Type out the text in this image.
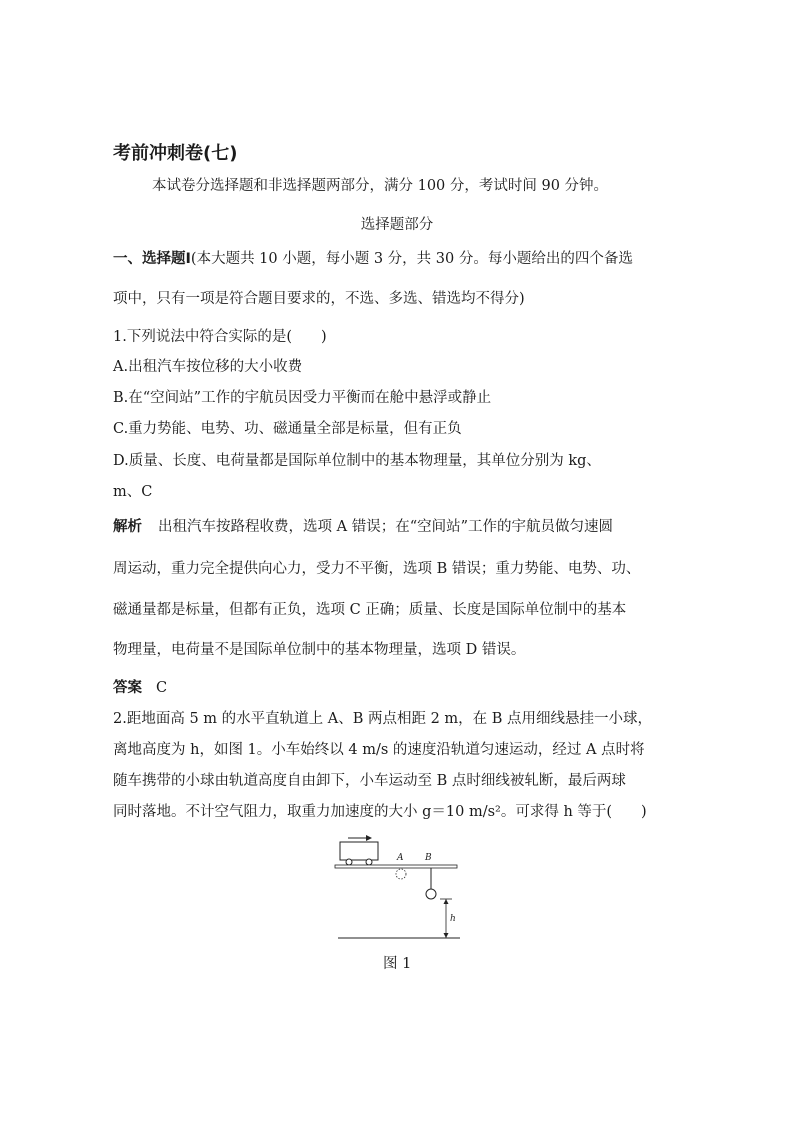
考前冲刺卷(七)
本试卷分选择题和非选择题两部分，满分 100 分，考试时间 90 分钟。
选择题部分
一、选择题Ⅰ(本大题共 10 小题，每小题 3 分，共 30 分。每小题给出的四个备选
项中，只有一项是符合题目要求的，不选、多选、错选均不得分)
1.下列说法中符合实际的是(　　)
A.出租汽车按位移的大小收费
B.在“空间站”工作的宇航员因受力平衡而在舱中悬浮或静止
C.重力势能、电势、功、磁通量全部是标量，但有正负
D.质量、长度、电荷量都是国际单位制中的基本物理量，其单位分别为 kg、
m、C
解析 出租汽车按路程收费，选项 A 错误；在“空间站”工作的宇航员做匀速圆
周运动，重力完全提供向心力，受力不平衡，选项 B 错误；重力势能、电势、功、
磁通量都是标量，但都有正负，选项 C 正确；质量、长度是国际单位制中的基本
物理量，电荷量不是国际单位制中的基本物理量，选项 D 错误。
答案 C
2.距地面高 5 m 的水平直轨道上 A、B 两点相距 2 m，在 B 点用细线悬挂一小球，
离地高度为 h，如图 1。小车始终以 4 m/s 的速度沿轨道匀速运动，经过 A 点时将
随车携带的小球由轨道高度自由卸下，小车运动至 B 点时细线被轧断，最后两球
同时落地。不计空气阻力，取重力加速度的大小 g＝10 m/s²。可求得 h 等于(　　)
A B
h
图 1
